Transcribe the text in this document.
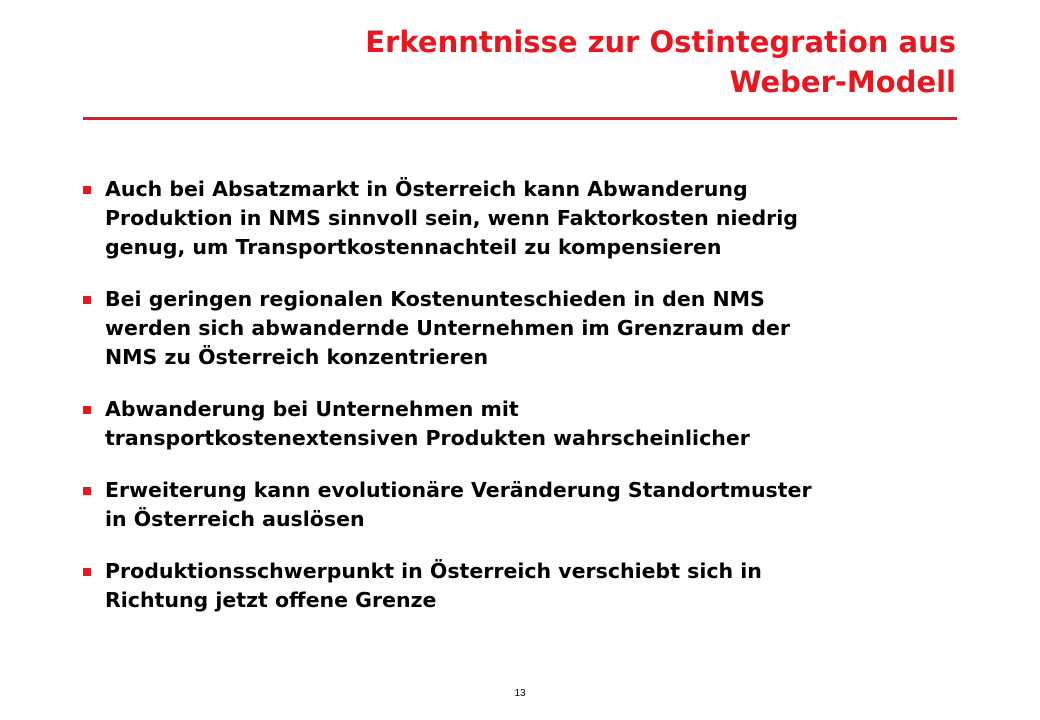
Erkenntnisse zur Ostintegration aus
Weber-Modell
Auch bei Absatzmarkt in Österreich kann Abwanderung
Produktion in NMS sinnvoll sein, wenn Faktorkosten niedrig
genug, um Transportkostennachteil zu kompensieren
Bei geringen regionalen Kostenunteschieden in den NMS
werden sich abwandernde Unternehmen im Grenzraum der
NMS zu Österreich konzentrieren
Abwanderung bei Unternehmen mit
transportkostenextensiven Produkten wahrscheinlicher
Erweiterung kann evolutionäre Veränderung Standortmuster
in Österreich auslösen
Produktionsschwerpunkt in Österreich verschiebt sich in
Richtung jetzt offene Grenze
13
